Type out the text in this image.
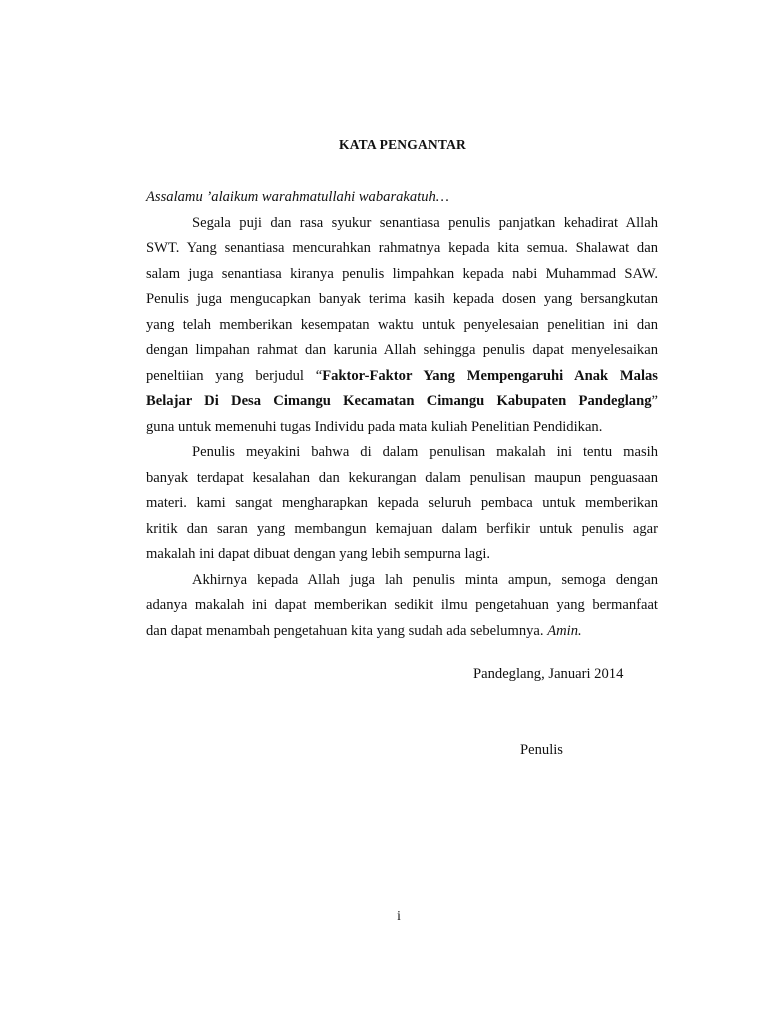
KATA PENGANTAR
Assalamu ’alaikum warahmatullahi wabarakatuh…
Segala puji dan rasa syukur senantiasa penulis panjatkan kehadirat Allah
SWT. Yang senantiasa mencurahkan rahmatnya kepada kita semua. Shalawat dan
salam juga senantiasa kiranya penulis limpahkan kepada nabi Muhammad SAW.
Penulis juga mengucapkan banyak terima kasih kepada dosen yang bersangkutan
yang telah memberikan kesempatan waktu untuk penyelesaian penelitian ini dan
dengan limpahan rahmat dan karunia Allah sehingga penulis dapat menyelesaikan
peneltiian yang berjudul “Faktor-Faktor Yang Mempengaruhi Anak Malas
Belajar Di Desa Cimangu Kecamatan Cimangu Kabupaten Pandeglang”
guna untuk memenuhi tugas Individu pada mata kuliah Penelitian Pendidikan.
Penulis meyakini bahwa di dalam penulisan makalah ini tentu masih
banyak terdapat kesalahan dan kekurangan dalam penulisan maupun penguasaan
materi. kami sangat mengharapkan kepada seluruh pembaca untuk memberikan
kritik dan saran yang membangun kemajuan dalam berfikir untuk penulis agar
makalah ini dapat dibuat dengan yang lebih sempurna lagi.
Akhirnya kepada Allah juga lah penulis minta ampun, semoga dengan
adanya makalah ini dapat memberikan sedikit ilmu pengetahuan yang bermanfaat
dan dapat menambah pengetahuan kita yang sudah ada sebelumnya. Amin.
Pandeglang, Januari 2014
Penulis
i
